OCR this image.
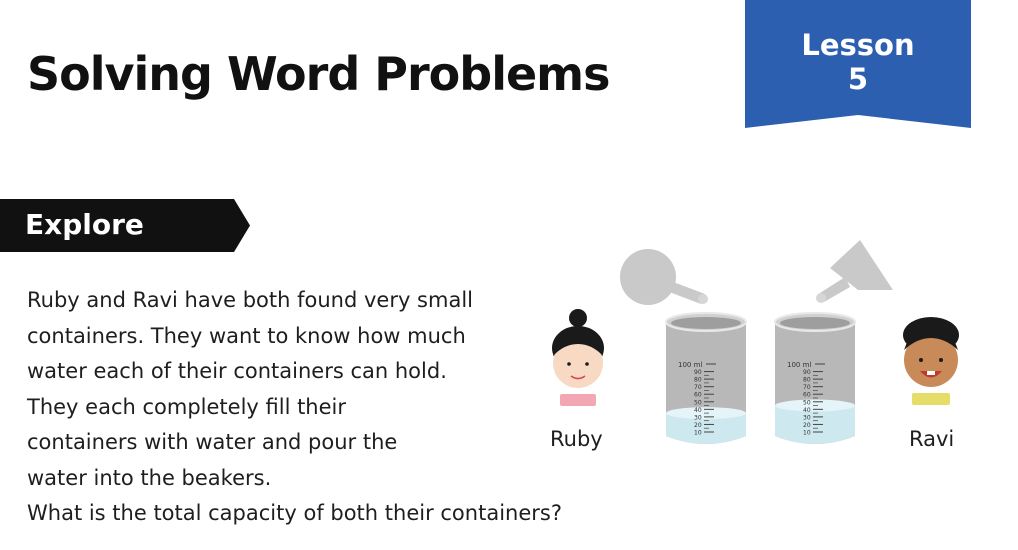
Solving Word Problems
Lesson
5
Explore
Ruby and Ravi have both found very small
containers. They want to know how much
water each of their containers can hold.
They each completely fill their
containers with water and pour the
water into the beakers.
What is the total capacity of both their containers?
100 ml
90
80
70
60
50
40
30
20
10
100 ml
90
80
70
60
50
40
30
20
10
Ruby	Ravi
